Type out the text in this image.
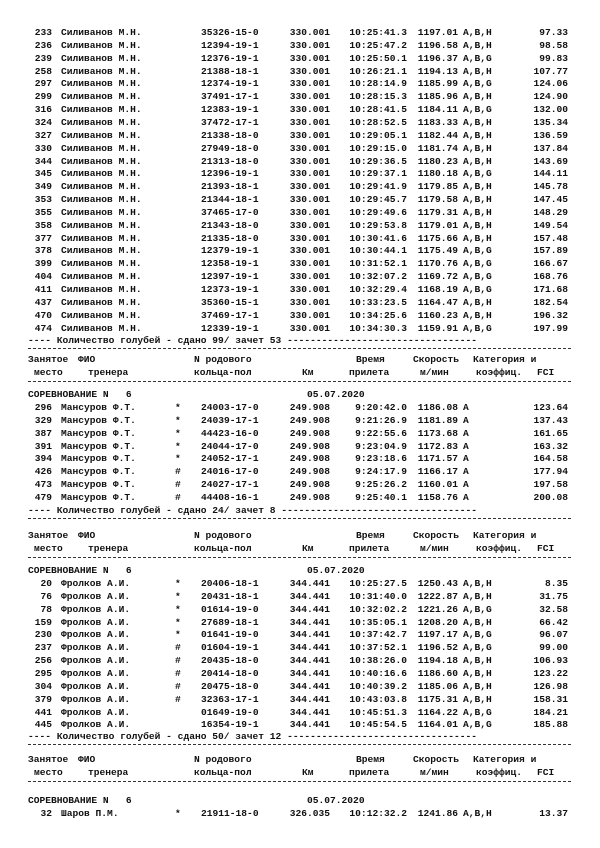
233 Силиванов М.Н.	35326-15-0	330.001 10:25:41.3 1197.01 A,B,H	97.33
236 Силиванов М.Н.	12394-19-1	330.001 10:25:47.2 1196.58 A,B,H	98.58
239 Силиванов М.Н.	12376-19-1	330.001 10:25:50.1 1196.37 A,B,G	99.83
258 Силиванов М.Н.	21388-18-1	330.001 10:26:21.1 1194.13 A,B,H	107.77
297 Силиванов М.Н.	12374-19-1	330.001 10:28:14.9 1185.99 A,B,G	124.06
299 Силиванов М.Н.	37491-17-1	330.001 10:28:15.3 1185.96 A,B,H	124.90
316 Силиванов М.Н.	12383-19-1	330.001 10:28:41.5 1184.11 A,B,G	132.00
324 Силиванов М.Н.	37472-17-1	330.001 10:28:52.5 1183.33 A,B,H	135.34
327 Силиванов М.Н.	21338-18-0	330.001 10:29:05.1 1182.44 A,B,H	136.59
330 Силиванов М.Н.	27949-18-0	330.001 10:29:15.0 1181.74 A,B,H	137.84
344 Силиванов М.Н.	21313-18-0	330.001 10:29:36.5 1180.23 A,B,H	143.69
345 Силиванов М.Н.	12396-19-1	330.001 10:29:37.1 1180.18 A,B,G	144.11
349 Силиванов М.Н.	21393-18-1	330.001 10:29:41.9 1179.85 A,B,H	145.78
353 Силиванов М.Н.	21344-18-1	330.001 10:29:45.7 1179.58 A,B,H	147.45
355 Силиванов М.Н.	37465-17-0	330.001 10:29:49.6 1179.31 A,B,H	148.29
358 Силиванов М.Н.	21343-18-0	330.001 10:29:53.8 1179.01 A,B,H	149.54
377 Силиванов М.Н.	21335-18-0	330.001 10:30:41.6 1175.66 A,B,H	157.48
378 Силиванов М.Н.	12379-19-1	330.001 10:30:44.1 1175.49 A,B,G	157.89
399 Силиванов М.Н.	12358-19-1	330.001 10:31:52.1 1170.76 A,B,G	166.67
404 Силиванов М.Н.	12397-19-1	330.001 10:32:07.2 1169.72 A,B,G	168.76
411 Силиванов М.Н.	12373-19-1	330.001 10:32:29.4 1168.19 A,B,G	171.68
437 Силиванов М.Н.	35360-15-1	330.001 10:33:23.5 1164.47 A,B,H	182.54
470 Силиванов М.Н.	37469-17-1	330.001 10:34:25.6 1160.23 A,B,H	196.32
474 Силиванов М.Н.	12339-19-1	330.001 10:34:30.3 1159.91 A,B,G	197.99
---- Количество голубей - сдано 99/ зачет 53 ---------------------------------
Занятое ФИО	N родового	Время	Скорость Категория и
место	тренера	кольца-пол	Км	прилета	м/мин	коэффиц. FCI
СОРЕВНОВАНИЕ N   6	05.07.2020
296 Мансуров Ф.Т.	* 24003-17-0	249.908	9:20:42.0 1186.08 A	123.64
329 Мансуров Ф.Т.	* 24039-17-1	249.908	9:21:26.9 1181.89 A	137.43
387 Мансуров Ф.Т.	* 44423-16-0	249.908	9:22:55.6 1173.68 A	161.65
391 Мансуров Ф.Т.	* 24044-17-0	249.908	9:23:04.9 1172.83 A	163.32
394 Мансуров Ф.Т.	* 24052-17-1	249.908	9:23:18.6 1171.57 A	164.58
426 Мансуров Ф.Т.	# 24016-17-0	249.908	9:24:17.9 1166.17 A	177.94
473 Мансуров Ф.Т.	# 24027-17-1	249.908	9:25:26.2 1160.01 A	197.58
479 Мансуров Ф.Т.	# 44408-16-1	249.908	9:25:40.1 1158.76 A	200.08
---- Количество голубей - сдано 24/ зачет 8 ----------------------------------
Занятое ФИО	N родового	Время	Скорость Категория и
место	тренера	кольца-пол	Км	прилета	м/мин	коэффиц. FCI
СОРЕВНОВАНИЕ N   6	05.07.2020
20 Фролков А.И.	* 20406-18-1	344.441 10:25:27.5 1250.43 A,B,H	8.35
76 Фролков А.И.	* 20431-18-1	344.441 10:31:40.0 1222.87 A,B,H	31.75
78 Фролков А.И.	* 01614-19-0	344.441 10:32:02.2 1221.26 A,B,G	32.58
159 Фролков А.И.	* 27689-18-1	344.441 10:35:05.1 1208.20 A,B,H	66.42
230 Фролков А.И.	* 01641-19-0	344.441 10:37:42.7 1197.17 A,B,G	96.07
237 Фролков А.И.	# 01604-19-1	344.441 10:37:52.1 1196.52 A,B,G	99.00
256 Фролков А.И.	# 20435-18-0	344.441 10:38:26.0 1194.18 A,B,H	106.93
295 Фролков А.И.	# 20414-18-0	344.441 10:40:16.6 1186.60 A,B,H	123.22
304 Фролков А.И.	# 20475-18-0	344.441 10:40:39.2 1185.06 A,B,H	126.98
379 Фролков А.И.	# 32363-17-1	344.441 10:43:03.8 1175.31 A,B,H	158.31
441 Фролков А.И.	01649-19-0	344.441 10:45:51.3 1164.22 A,B,G	184.21
445 Фролков А.И.	16354-19-1	344.441 10:45:54.5 1164.01 A,B,G	185.88
---- Количество голубей - сдано 50/ зачет 12 ---------------------------------
Занятое ФИО	N родового	Время	Скорость Категория и
место	тренера	кольца-пол	Км	прилета	м/мин	коэффиц. FCI
СОРЕВНОВАНИЕ N   6	05.07.2020
32 Шаров П.М.	* 21911-18-0	326.035 10:12:32.2 1241.86 A,B,H	13.37
